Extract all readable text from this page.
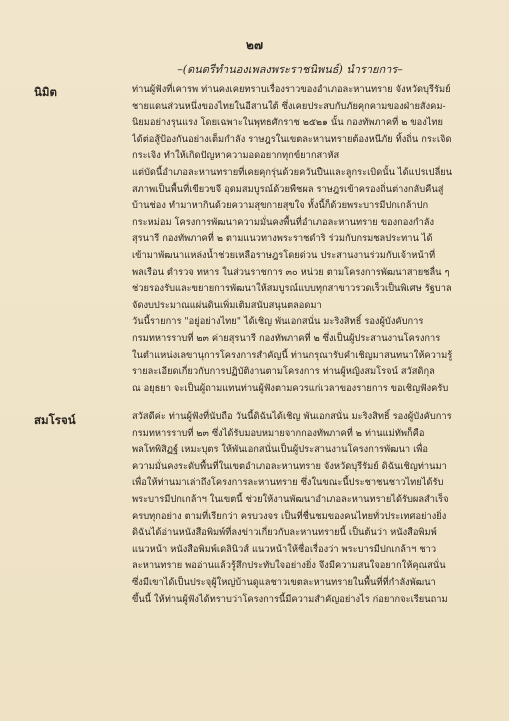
๒๗
–(ดนตรีทำนองเพลงพระราชนิพนธ์) นำรายการ–
นิมิต	ท่านผู้ฟังที่เคารพ ท่านคงเคยทราบเรื่องราวของอำเภอละหานทราย จังหวัดบุรีรัมย์
ชายแดนส่วนหนึ่งของไทยในอีสานใต้ ซึ่งเคยประสบกับภัยคุกคามของฝ่ายสังคม-
นิยมอย่างรุนแรง โดยเฉพาะในพุทธศักราช ๒๕๒๑ นั้น กองทัพภาคที่ ๒ ของไทย
ได้ต่อสู้ป้องกันอย่างเต็มกำลัง ราษฎรในเขตละหานทรายต้องหนีภัย ทิ้งถิ่น กระเจิด
กระเจิง ทำให้เกิดปัญหาความอดอยากทุกข์ยากสาหัส
แต่บัดนี้อำเภอละหานทรายที่เคยคุกรุ่นด้วยควันปืนและลูกระเบิดนั้น ได้แปรเปลี่ยน
สภาพเป็นพื้นที่เขียวขจี อุดมสมบูรณ์ด้วยพืชผล ราษฎรเข้าครองถิ่นต่างกลับคืนสู่
บ้านช่อง ทำมาหากินด้วยความสุขกายสุขใจ ทั้งนี้ก็ด้วยพระบารมีปกเกล้าปก
กระหม่อม โครงการพัฒนาความมั่นคงพื้นที่อำเภอละหานทราย ของกองกำลัง
สุรนารี กองทัพภาคที่ ๒ ตามแนวทางพระราชดำริ ร่วมกับกรมชลประทาน ได้
เข้ามาพัฒนาแหล่งน้ำช่วยเหลือราษฎรโดยด่วน ประสานงานร่วมกับเจ้าหน้าที่
พลเรือน ตำรวจ ทหาร ในส่วนราชการ ๓๐ หน่วย ตามโครงการพัฒนาสายชลื่น ๆ
ช่วยรองรับและขยายการพัฒนาให้สมบูรณ์แบบทุกสาขาวรวดเร็วเป็นพิเศษ รัฐบาล
จัดงบประมาณแผ่นดินเพิ่มเติมสนับสนุนตลอดมา
วันนี้รายการ "อยู่อย่างไทย" ได้เชิญ พันเอกสนั่น มะริงสิทธิ์ รองผู้บังคับการ
กรมทหารราบที่ ๒๓ ค่ายสุรนารี กองทัพภาคที่ ๒ ซึ่งเป็นผู้ประสานงานโครงการ
ในตำแหน่งเลขานุการโครงการสำคัญนี้ ท่านกรุณารับคำเชิญมาสนทนาให้ความรู้
รายละเอียดเกี่ยวกับการปฏิบัติงานตามโครงการ ท่านผู้หญิงสมโรจน์ สวัสดิกุล
ณ อยุธยา จะเป็นผู้ถามแทนท่านผู้ฟังตามควรแก่เวลาของรายการ ขอเชิญฟังครับ
สมโรจน์	สวัสดีค่ะ ท่านผู้ฟังที่นับถือ วันนี้ดิฉันได้เชิญ พันเอกสนั่น มะริงสิทธิ์ รองผู้บังคับการ
กรมทหารราบที่ ๒๓ ซึ่งได้รับมอบหมายจากกองทัพภาคที่ ๒ ท่านแม่ทัพก็คือ
พลโทพิสิฏฐ์ เหมะบุตร ให้พันเอกสนั่นเป็นผู้ประสานงานโครงการพัฒนา เพื่อ
ความมั่นคงระดับพื้นที่ในเขตอำเภอละหานทราย จังหวัดบุรีรัมย์ ดิฉันเชิญท่านมา
เพื่อให้ท่านมาเล่าถึงโครงการละหานทราย ซึ่งในขณะนี้ประชาชนชาวไทยได้รับ
พระบารมีปกเกล้าฯ ในเขตนี้ ช่วยให้งานพัฒนาอำเภอละหานทรายได้รับผลสำเร็จ
ครบทุกอย่าง ตามที่เรียกว่า ครบวงจร เป็นที่ชื่นชมของคนไทยทั่วประเทศอย่างยิ่ง
ดิฉันได้อ่านหนังสือพิมพ์ที่ลงข่าวเกี่ยวกับละหานทรายนี้ เป็นต้นว่า หนังสือพิมพ์
แนวหน้า หนังสือพิมพ์เดลินิวส์ แนวหน้าให้ชื่อเรื่องว่า พระบารมีปกเกล้าฯ ชาว
ละหานทราย พออ่านแล้วรู้สึกประทับใจอย่างยิ่ง จึงมีความสนใจอยากให้คุณสนั่น
ซึ่งมีเขาได้เป็นประจุผู้ใหญ่บ้านดูแลชาวเขตละหานทรายในพื้นที่ที่กำลังพัฒนา
ขึ้นนี้ ให้ท่านผู้ฟังได้ทราบว่าโครงการนี้มีความสำคัญอย่างไร ก่อยากจะเรียนถาม
